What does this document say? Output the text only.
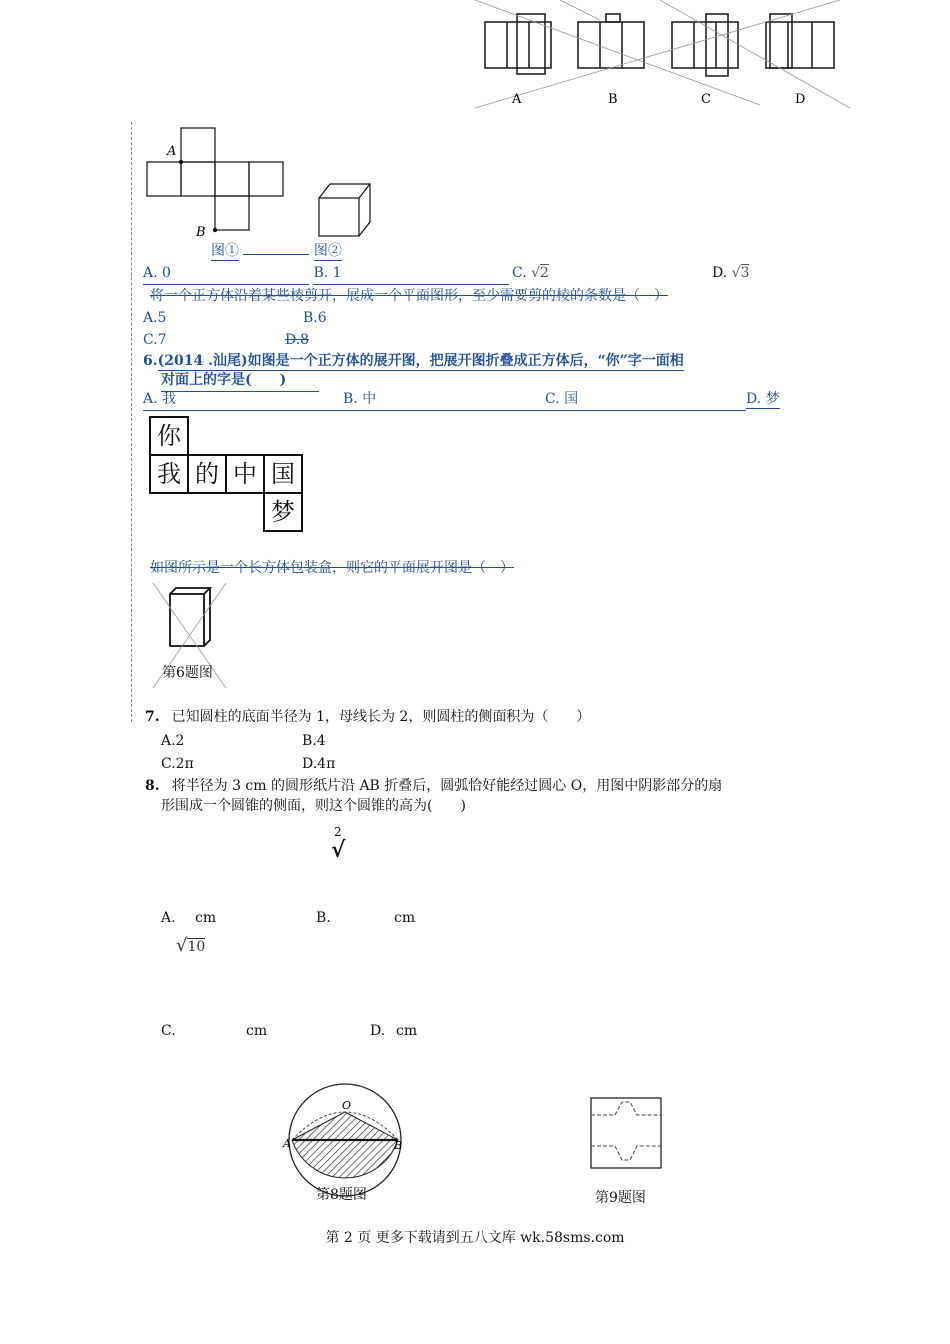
A	B	C	D
A
B
图①	图②
A. 0	B. 1	C. √2	D. √3
将一个正方体沿着某些棱剪开，展成一个平面图形，至少需要剪的棱的条数是（　）
A.5	B.6
C.7	D.8
6.(2014 .汕尾)如图是一个正方体的展开图，把展开图折叠成正方体后，“你”字一面相
对面上的字是(　　)
A. 我	B. 中	C. 国	D. 梦
你
我 的 中 国
梦
如图所示是一个长方体包装盒，则它的平面展开图是（　）
第6题图
7. 已知圆柱的底面半径为 1，母线长为 2，则圆柱的侧面积为（　　）
A.2	B.4
C.2π	D.4π
8. 将半径为 3 cm 的圆形纸片沿 AB 折叠后，圆弧恰好能经过圆心 O，用图中阴影部分的扇
形围成一个圆锥的侧面，则这个圆锥的高为(　　)
2
√
A. cm	B.	cm
√10
C.	cm	D. cm
O
A	B
第8题图	第9题图
第 2 页 更多下载请到五八文库 wk.58sms.com
